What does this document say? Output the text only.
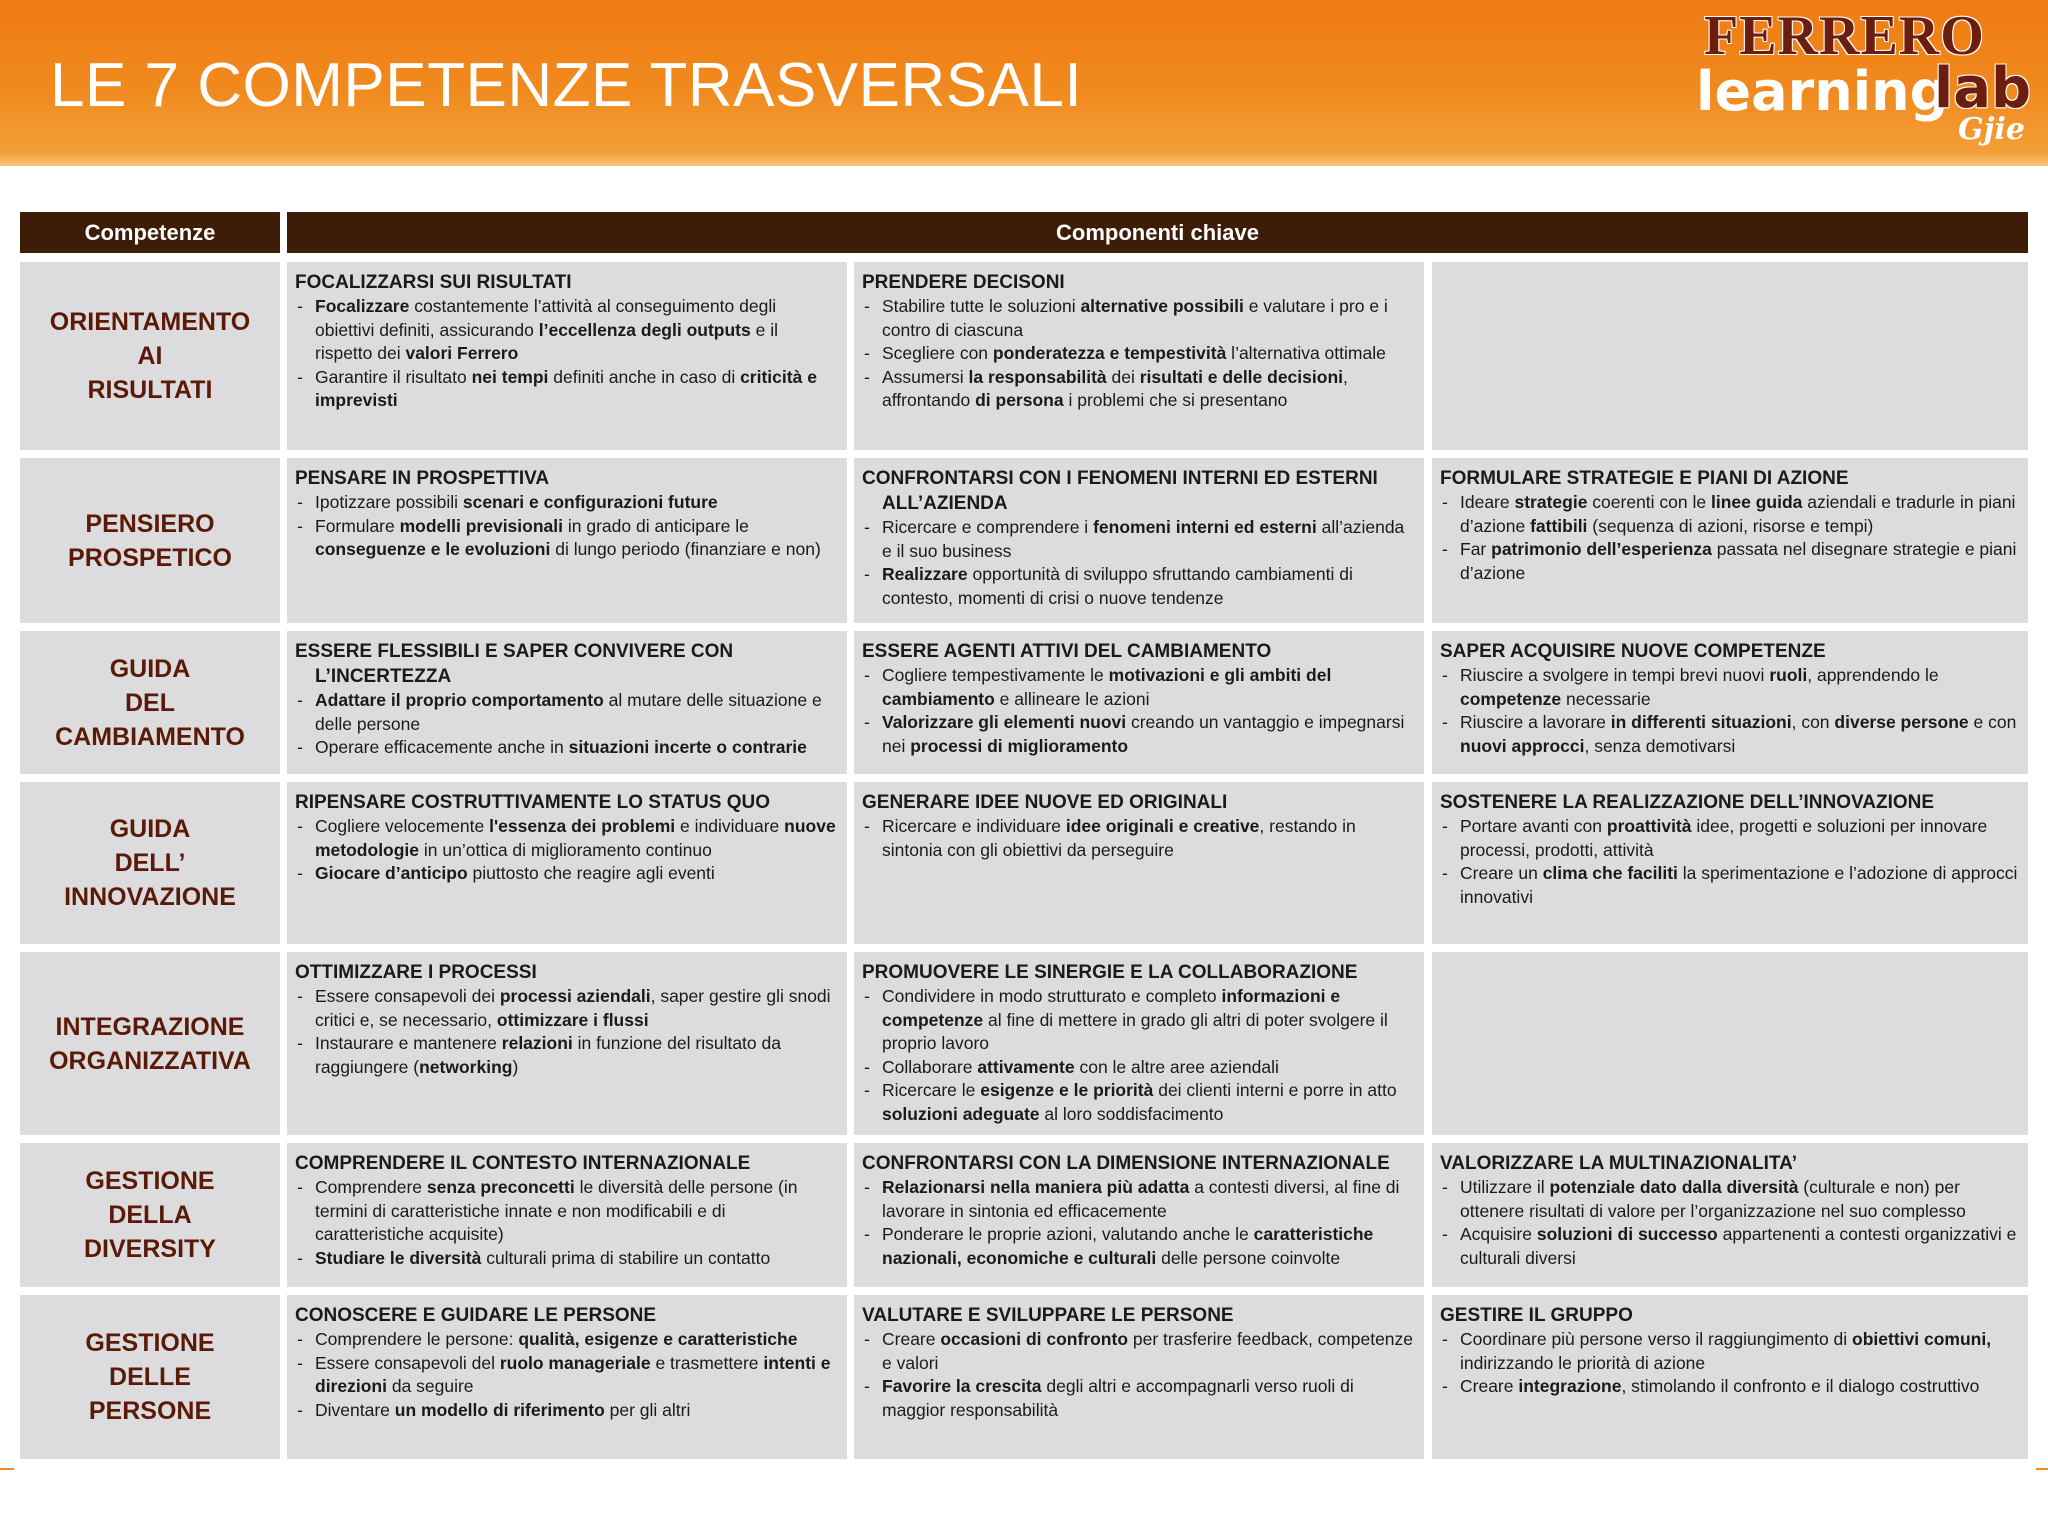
LE 7 COMPETENZE TRASVERSALI
FERRERO
learning
lab
Gjie
Competenze	Componenti chiave
ORIENTAMENTO
AI
RISULTATI
FOCALIZZARSI SUI RISULTATI
- Focalizzare costantemente l’attività al conseguimento degli obiettivi definiti, assicurando l’eccellenza degli outputs e il rispetto dei valori Ferrero
- Garantire il risultato nei tempi definiti anche in caso di criticità e imprevisti
PRENDERE DECISONI
- Stabilire tutte le soluzioni alternative possibili e valutare i pro e i contro di ciascuna
- Scegliere con ponderatezza e tempestività l’alternativa ottimale
- Assumersi la responsabilità dei risultati e delle decisioni, affrontando di persona i problemi che si presentano
PENSIERO
PROSPETICO
PENSARE IN PROSPETTIVA
- Ipotizzare possibili scenari e configurazioni future
- Formulare modelli previsionali in grado di anticipare le conseguenze e le evoluzioni di lungo periodo (finanziare e non)
CONFRONTARSI CON I FENOMENI INTERNI ED ESTERNI ALL’AZIENDA
- Ricercare e comprendere i fenomeni interni ed esterni all’azienda e il suo business
- Realizzare opportunità di sviluppo sfruttando cambiamenti di contesto, momenti di crisi o nuove tendenze
FORMULARE STRATEGIE E PIANI DI AZIONE
- Ideare strategie coerenti con le linee guida aziendali e tradurle in piani d’azione fattibili (sequenza di azioni, risorse e tempi)
- Far patrimonio dell’esperienza passata nel disegnare strategie e piani d’azione
GUIDA
DEL
CAMBIAMENTO
ESSERE FLESSIBILI E SAPER CONVIVERE CON L’INCERTEZZA
- Adattare il proprio comportamento al mutare delle situazione e delle persone
- Operare efficacemente anche in situazioni incerte o contrarie
ESSERE AGENTI ATTIVI DEL CAMBIAMENTO
- Cogliere tempestivamente le motivazioni e gli ambiti del cambiamento e allineare le azioni
- Valorizzare gli elementi nuovi creando un vantaggio e impegnarsi nei processi di miglioramento
SAPER ACQUISIRE NUOVE COMPETENZE
- Riuscire a svolgere in tempi brevi nuovi ruoli, apprendendo le competenze necessarie
- Riuscire a lavorare in differenti situazioni, con diverse persone e con nuovi approcci, senza demotivarsi
GUIDA
DELL’
INNOVAZIONE
RIPENSARE COSTRUTTIVAMENTE LO STATUS QUO
- Cogliere velocemente l'essenza dei problemi e individuare nuove metodologie in un’ottica di miglioramento continuo
- Giocare d’anticipo piuttosto che reagire agli eventi
GENERARE IDEE NUOVE ED ORIGINALI
- Ricercare e individuare idee originali e creative, restando in sintonia con gli obiettivi da perseguire
SOSTENERE LA REALIZZAZIONE DELL’INNOVAZIONE
- Portare avanti con proattività idee, progetti e soluzioni per innovare processi, prodotti, attività
- Creare un clima che faciliti la sperimentazione e l’adozione di approcci innovativi
INTEGRAZIONE
ORGANIZZATIVA
OTTIMIZZARE I PROCESSI
- Essere consapevoli dei processi aziendali, saper gestire gli snodi critici e, se necessario, ottimizzare i flussi
- Instaurare e mantenere relazioni in funzione del risultato da raggiungere (networking)
PROMUOVERE LE SINERGIE E LA COLLABORAZIONE
- Condividere in modo strutturato e completo informazioni e competenze al fine di mettere in grado gli altri di poter svolgere il proprio lavoro
- Collaborare attivamente con le altre aree aziendali
- Ricercare le esigenze e le priorità dei clienti interni e porre in atto soluzioni adeguate al loro soddisfacimento
GESTIONE
DELLA
DIVERSITY
COMPRENDERE IL CONTESTO INTERNAZIONALE
- Comprendere senza preconcetti le diversità delle persone (in termini di caratteristiche innate e non modificabili e di caratteristiche acquisite)
- Studiare le diversità culturali prima di stabilire un contatto
CONFRONTARSI CON LA DIMENSIONE INTERNAZIONALE
- Relazionarsi nella maniera più adatta a contesti diversi, al fine di lavorare in sintonia ed efficacemente
- Ponderare le proprie azioni, valutando anche le caratteristiche nazionali, economiche e culturali delle persone coinvolte
VALORIZZARE LA MULTINAZIONALITA’
- Utilizzare il potenziale dato dalla diversità (culturale e non) per ottenere risultati di valore per l’organizzazione nel suo complesso
- Acquisire soluzioni di successo appartenenti a contesti organizzativi e culturali diversi
GESTIONE
DELLE
PERSONE
CONOSCERE E GUIDARE LE PERSONE
- Comprendere le persone: qualità, esigenze e caratteristiche
- Essere consapevoli del ruolo manageriale e trasmettere intenti e direzioni da seguire
- Diventare un modello di riferimento per gli altri
VALUTARE E SVILUPPARE LE PERSONE
- Creare occasioni di confronto per trasferire feedback, competenze e valori
- Favorire la crescita degli altri e accompagnarli verso ruoli di maggior responsabilità
GESTIRE IL GRUPPO
- Coordinare più persone verso il raggiungimento di obiettivi comuni, indirizzando le priorità di azione
- Creare integrazione, stimolando il confronto e il dialogo costruttivo
